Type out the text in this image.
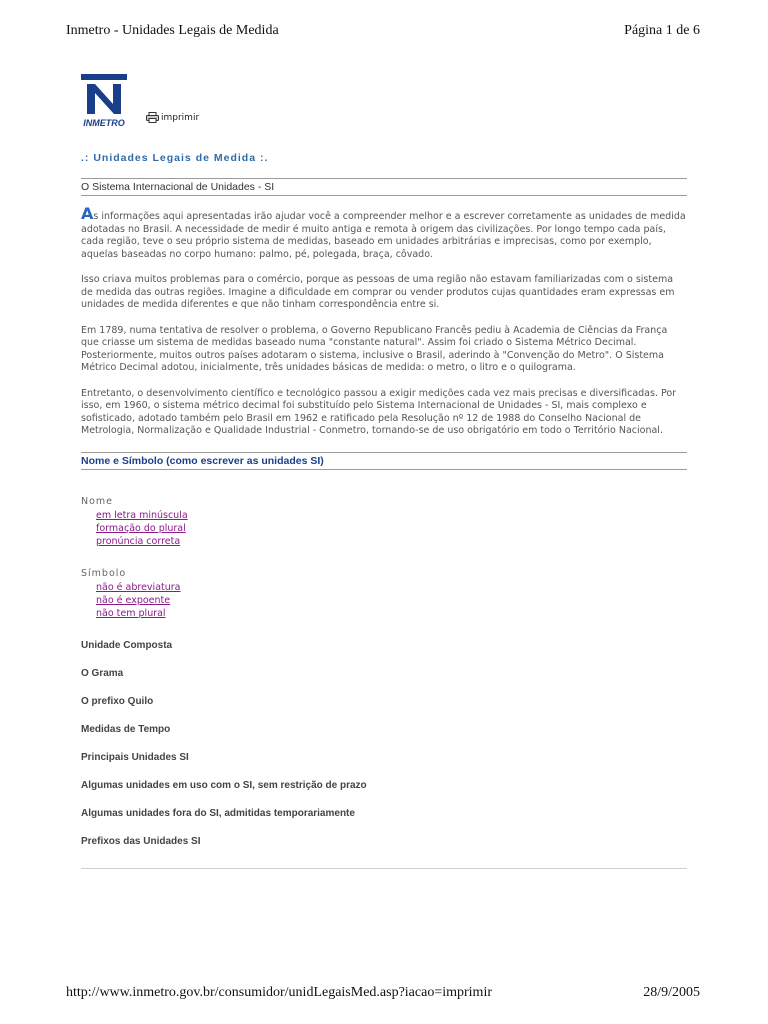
Inmetro - Unidades Legais de Medida	Página 1 de 6
INMETRO
imprimir
.: Unidades Legais de Medida :.
O Sistema Internacional de Unidades - SI

As informações aqui apresentadas irão ajudar você a compreender melhor e a escrever corretamente as unidades de medida adotadas no Brasil. A necessidade de medir é muito antiga e remota à origem das civilizações. Por longo tempo cada país, cada região, teve o seu próprio sistema de medidas, baseado em unidades arbitrárias e imprecisas, como por exemplo, aquelas baseadas no corpo humano: palmo, pé, polegada, braça, côvado.

Isso criava muitos problemas para o comércio, porque as pessoas de uma região não estavam familiarizadas com o sistema de medida das outras regiões. Imagine a dificuldade em comprar ou vender produtos cujas quantidades eram expressas em unidades de medida diferentes e que não tinham correspondência entre si.

Em 1789, numa tentativa de resolver o problema, o Governo Republicano Francês pediu à Academia de Ciências da França que criasse um sistema de medidas baseado numa "constante natural". Assim foi criado o Sistema Métrico Decimal. Posteriormente, muitos outros países adotaram o sistema, inclusive o Brasil, aderindo à "Convenção do Metro". O Sistema Métrico Decimal adotou, inicialmente, três unidades básicas de medida: o metro, o litro e o quilograma.

Entretanto, o desenvolvimento científico e tecnológico passou a exigir medições cada vez mais precisas e diversificadas. Por isso, em 1960, o sistema métrico decimal foi substituído pelo Sistema Internacional de Unidades - SI, mais complexo e sofisticado, adotado também pelo Brasil em 1962 e ratificado pela Resolução nº 12 de 1988 do Conselho Nacional de Metrologia, Normalização e Qualidade Industrial - Conmetro, tornando-se de uso obrigatório em todo o Território Nacional.

Nome e Símbolo (como escrever as unidades SI)
Nome
em letra minúscula
formação do plural
pronúncia correta
Símbolo
não é abreviatura
não é expoente
não tem plural
Unidade Composta
O Grama
O prefixo Quilo
Medidas de Tempo
Principais Unidades SI
Algumas unidades em uso com o SI, sem restrição de prazo
Algumas unidades fora do SI, admitidas temporariamente
Prefixos das Unidades SI
http://www.inmetro.gov.br/consumidor/unidLegaisMed.asp?iacao=imprimir	28/9/2005
